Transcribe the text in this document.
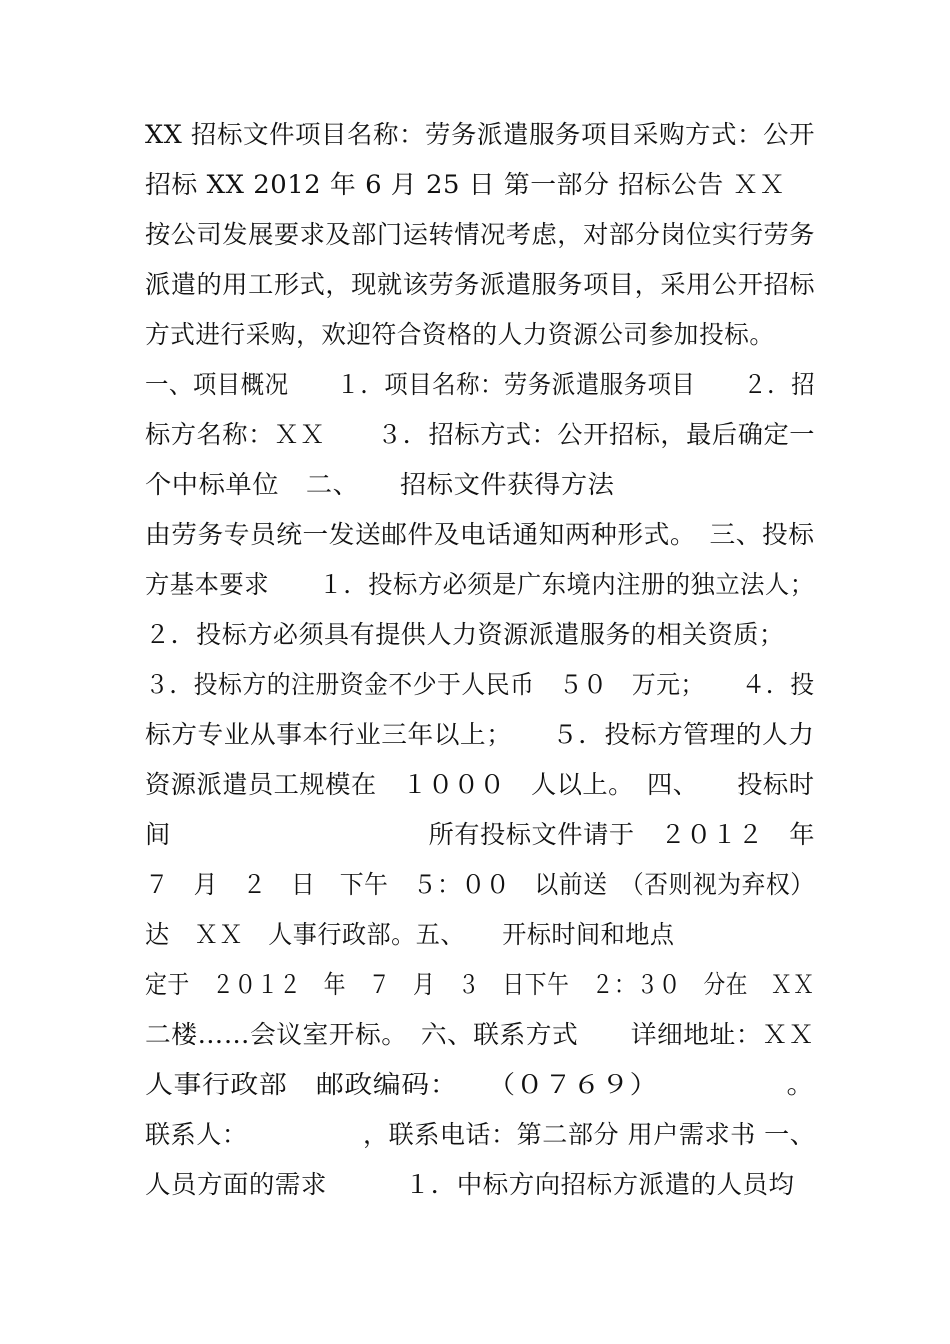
XX 招标文件项目名称：劳务派遣服务项目采购方式：公开
招标 XX 2012 年 6 月 25 日 第一部分 招标公告 ＸＸ
按公司发展要求及部门运转情况考虑，对部分岗位实行劳务
派遣的用工形式，现就该劳务派遣服务项目，采用公开招标
方式进行采购，欢迎符合资格的人力资源公司参加投标。
一、项目概况　　１．项目名称：劳务派遣服务项目　　２．招
标方名称：ＸＸ　　３．招标方式：公开招标，最后确定一
个中标单位　二、　　招标文件获得方法
由劳务专员统一发送邮件及电话通知两种形式。　三、投标
方基本要求　　１．投标方必须是广东境内注册的独立法人；
２．投标方必须具有提供人力资源派遣服务的相关资质；
３．投标方的注册资金不少于人民币　５０　万元；　　４．投
标方专业从事本行业三年以上；　　５．投标方管理的人力
资源派遣员工规模在　１０００　人以上。　四、　　投标时
间　　　　　　　　　　所有投标文件请于　２０１２　年
７　月　２　日　下午　５：００　以前送　（否则视为弃权）
达　ＸＸ　人事行政部。五、　　开标时间和地点
定于　２０１２　年　７　月　３　日下午　２：３０　分在　ＸＸ
二楼……会议室开标。　六、联系方式　　详细地址：ＸＸ
人事行政部　邮政编码：　　（０７６９）　　　　　。
联系人：　　　　　，联系电话：第二部分 用户需求书 一、
人员方面的需求　　　１．中标方向招标方派遣的人员均
